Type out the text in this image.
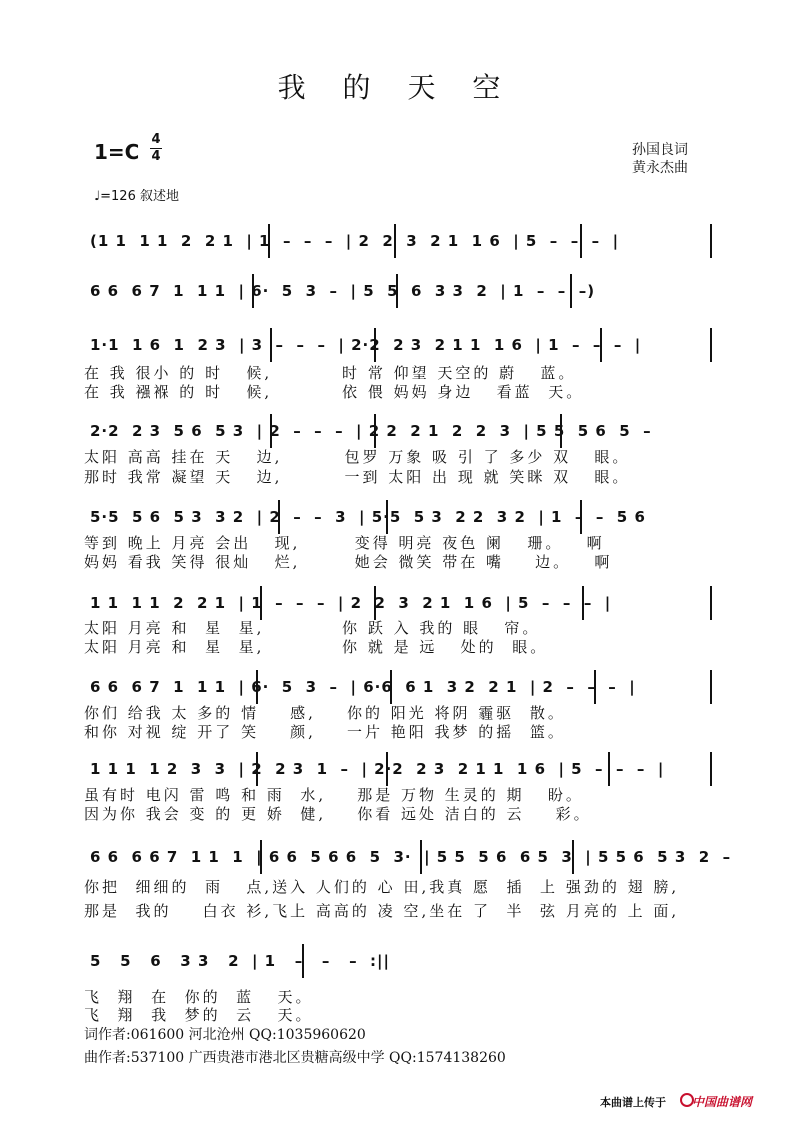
我 的 天 空
1=C
4
4	孙国良词
黄永杰曲
♩=126 叙述地

(1 1  1 1  2  2 1  | 1  –  –  –  | 2  2  3  2 1  1 6  | 5  –  –  –  |

6 6  6 7  1  1 1  | 6·  5  3  –  | 5  5  6  3 3  2  | 1  –  –  –)

1·1  1 6  1  2 3  | 3  –  –  –  | 2·2  2 3  2 1 1  1 6  | 1  –  –  –  |

在 我 很小 的 时   候,         时 常 仰望 天空的 蔚   蓝。
在 我 襁褓 的 时   候,         依 偎 妈妈 身边   看蓝  天。

2·2  2 3  5 6  5 3  | 2  –  –  –  | 2 2  2 1  2  2  3  | 5 5  5 6  5  –

太阳 高高 挂在 天   边,        包罗 万象 吸 引 了 多少 双   眼。
那时 我常 凝望 天   边,        一到 太阳 出 现 就 笑眯 双   眼。

5·5  5 6  5 3  3 2  | 2  –  –  3  | 5·5  5 3  2 2  3 2  | 1  –  –  5 6

等到 晚上 月亮 会出   现,       变得 明亮 夜色 阑   珊。   啊
妈妈 看我 笑得 很灿   烂,       她会 微笑 带在 嘴    边。   啊

1 1  1 1  2  2 1  | 1  –  –  –  | 2  2  3  2 1  1 6  | 5  –  –  –  |

太阳 月亮 和  星  星,          你 跃 入 我的 眼   帘。
太阳 月亮 和  星  星,          你 就 是 远   处的  眼。

6 6  6 7  1  1 1  | 6·  5  3  –  | 6·6  6 1  3 2  2 1  | 2  –  –  –  |

你们 给我 太 多的 情    感,    你的 阳光 将阴 霾驱  散。
和你 对视 绽 开了 笑    颜,    一片 艳阳 我梦 的摇  篮。

1 1 1  1 2  3  3  | 2  2 3  1  –  | 2·2  2 3  2 1 1  1 6  | 5  –  –  –  |

虽有时 电闪 雷 鸣 和 雨  水,    那是 万物 生灵的 期   盼。
因为你 我会 变 的 更 娇  健,    你看 远处 洁白的 云    彩。

6 6  6 6 7  1 1  1  | 6 6  5 6 6  5  3·  | 5 5  5 6  6 5  3  | 5 5 6  5 3  2  –

你把  细细的  雨   点,送入 人们的 心 田,我真 愿  插  上 强劲的 翅 膀,
那是  我的    白衣 衫,飞上 高高的 凌 空,坐在 了  半  弦 月亮的 上 面,

5   5   6   3 3   2  | 1   –   –   –  :||

飞  翔  在  你的  蓝   天。
飞  翔  我  梦的  云   天。
词作者:061600 河北沧州 QQ:1035960620
曲作者:537100 广西贵港市港北区贵糖高级中学 QQ:1574138260
本曲谱上传于 中国曲谱网
